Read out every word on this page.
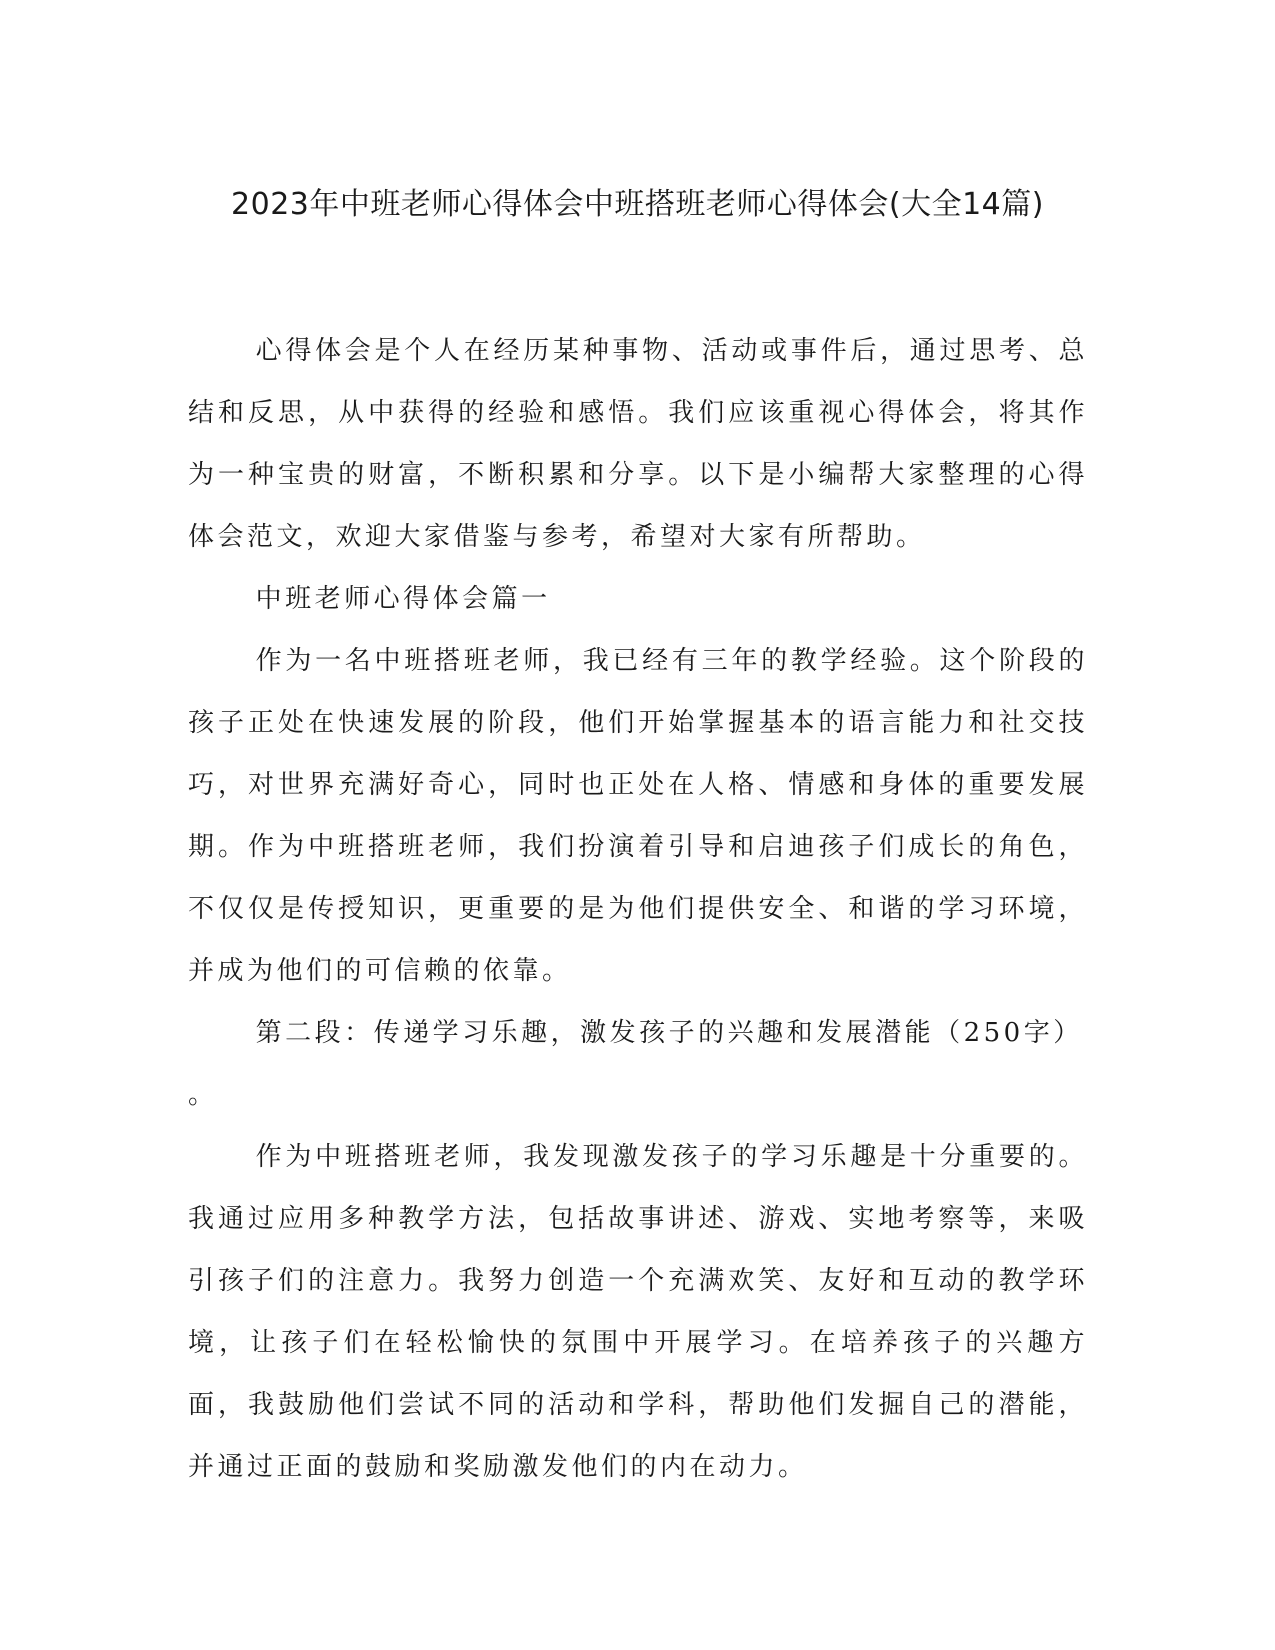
2023年中班老师心得体会中班搭班老师心得体会(大全14篇)

心得体会是个人在经历某种事物、活动或事件后，通过思考、总结和反思，从中获得的经验和感悟。我们应该重视心得体会，将其作为一种宝贵的财富，不断积累和分享。以下是小编帮大家整理的心得体会范文，欢迎大家借鉴与参考，希望对大家有所帮助。

中班老师心得体会篇一

作为一名中班搭班老师，我已经有三年的教学经验。这个阶段的孩子正处在快速发展的阶段，他们开始掌握基本的语言能力和社交技巧，对世界充满好奇心，同时也正处在人格、情感和身体的重要发展期。作为中班搭班老师，我们扮演着引导和启迪孩子们成长的角色，不仅仅是传授知识，更重要的是为他们提供安全、和谐的学习环境，并成为他们的可信赖的依靠。

第二段：传递学习乐趣，激发孩子的兴趣和发展潜能（250字）

。

作为中班搭班老师，我发现激发孩子的学习乐趣是十分重要的。我通过应用多种教学方法，包括故事讲述、游戏、实地考察等，来吸引孩子们的注意力。我努力创造一个充满欢笑、友好和互动的教学环境，让孩子们在轻松愉快的氛围中开展学习。在培养孩子的兴趣方面，我鼓励他们尝试不同的活动和学科，帮助他们发掘自己的潜能，并通过正面的鼓励和奖励激发他们的内在动力。
